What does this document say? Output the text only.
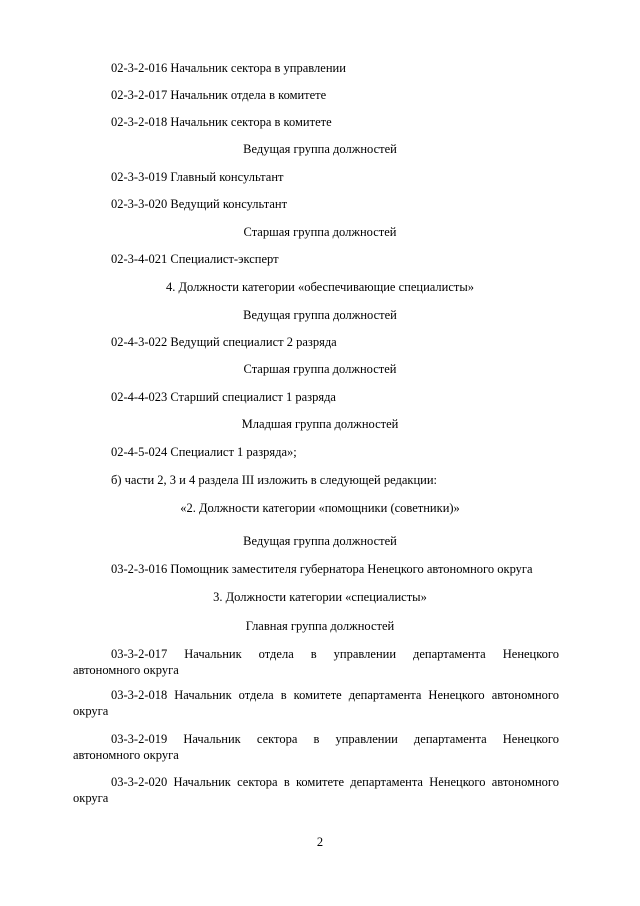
02-3-2-016 Начальник сектора в управлении
02-3-2-017 Начальник отдела в комитете
02-3-2-018 Начальник сектора в комитете
Ведущая группа должностей
02-3-3-019 Главный консультант
02-3-3-020 Ведущий консультант
Старшая группа должностей
02-3-4-021 Специалист-эксперт
4. Должности категории «обеспечивающие специалисты»
Ведущая группа должностей
02-4-3-022 Ведущий специалист 2 разряда
Старшая группа должностей
02-4-4-023 Старший специалист 1 разряда
Младшая группа должностей
02-4-5-024 Специалист 1 разряда»;
б) части 2, 3 и 4 раздела III изложить в следующей редакции:
«2. Должности категории «помощники (советники)»
Ведущая группа должностей
03-2-3-016 Помощник заместителя губернатора Ненецкого автономного округа
3. Должности категории «специалисты»
Главная группа должностей
03-3-2-017 Начальник отдела в управлении департамента Ненецкого
автономного округа
03-3-2-018 Начальник отдела в комитете департамента Ненецкого автономного
округа
03-3-2-019 Начальник сектора в управлении департамента Ненецкого
автономного округа
03-3-2-020 Начальник сектора в комитете департамента Ненецкого автономного
округа
2
